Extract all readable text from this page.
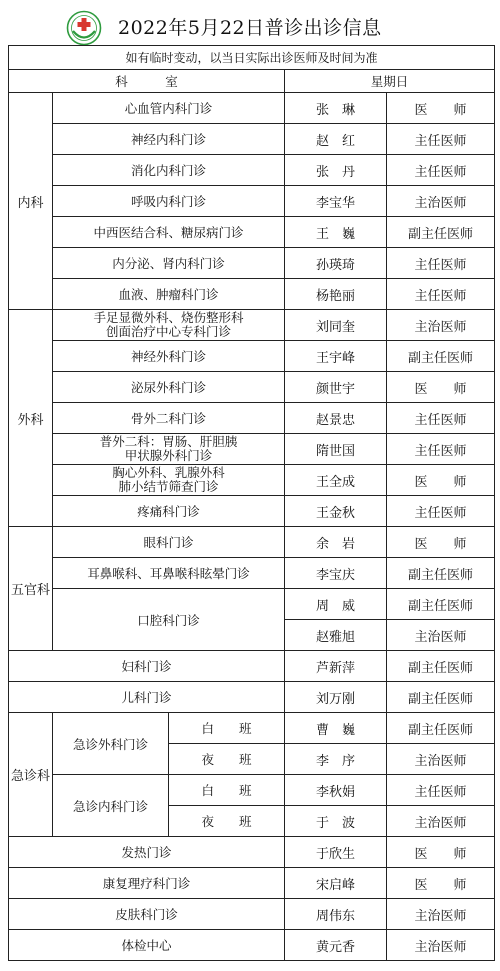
2022年5月22日普诊出诊信息
如有临时变动，以当日实际出诊医师及时间为准				
科　　　室			星期日	
内科	心血管内科门诊		张　琳	医　　师
	神经内科门诊		赵　红	主任医师
	消化内科门诊		张　丹	主任医师
	呼吸内科门诊		李宝华	主治医师
	中西医结合科、糖尿病门诊		王　巍	副主任医师
	内分泌、肾内科门诊		孙瑛琦	主任医师
	血液、肿瘤科门诊		杨艳丽	主任医师
外科	手足显微外科、烧伤整形科
创面治疗中心专科门诊		刘同奎	主治医师
	神经外科门诊		王宇峰	副主任医师
	泌尿外科门诊		颜世宇	医　　师
	骨外二科门诊		赵景忠	主任医师
	普外二科：胃肠、肝胆胰
甲状腺外科门诊		隋世国	主任医师
	胸心外科、乳腺外科
肺小结节筛查门诊		王全成	医　　师
	疼痛科门诊		王金秋	主任医师
五官科	眼科门诊		余　岩	医　　师
	耳鼻喉科、耳鼻喉科眩晕门诊		李宝庆	副主任医师
	口腔科门诊		周　威	副主任医师
			赵雅旭	主治医师
妇科门诊			芦新萍	副主任医师
儿科门诊			刘万刚	副主任医师
急诊科	急诊外科门诊	白　　班	曹　巍	副主任医师
		夜　　班	李　序	主治医师
	急诊内科门诊	白　　班	李秋娟	主任医师
		夜　　班	于　波	主治医师
发热门诊			于欣生	医　　师
康复理疗科门诊			宋启峰	医　　师
皮肤科门诊			周伟东	主治医师
体检中心			黄元香	主治医师
